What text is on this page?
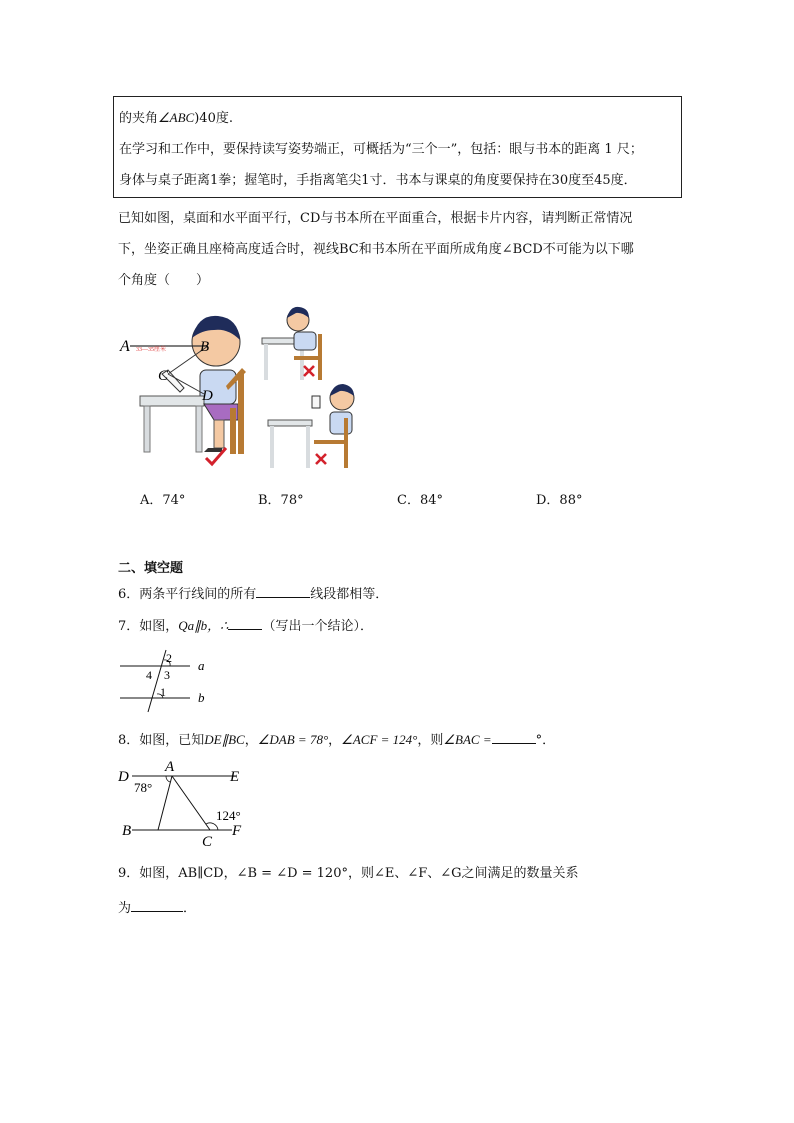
的夹角∠ABC)40度.
在学习和工作中，要保持读写姿势端正，可概括为“三个一”，包括：眼与书本的距离 1 尺；
身体与桌子距离1拳；握笔时，手指离笔尖1寸．书本与课桌的角度要保持在30度至45度．
已知如图，桌面和水平面平行，CD与书本所在平面重合，根据卡片内容，请判断正常情况
下，坐姿正确且座椅高度适合时，视线BC和书本所在平面所成角度∠BCD不可能为以下哪
个角度（　　）
A	B
C
D
33—35厘米
A．74°	B．78°	C．84°	D．88°
二、填空题
6．两条平行线间的所有	线段都相等．
7．如图，Qa∥b，∴	（写出一个结论）．
a
b
2
3
4
1
8．如图，已知DE∥BC，∠DAB = 78°，∠ACF = 124°，则∠BAC =	°．
D
A
E
B
C
F
78°
124°
9．如图，AB∥CD，∠B = ∠D = 120°，则∠E、∠F、∠G之间满足的数量关系
为	．
